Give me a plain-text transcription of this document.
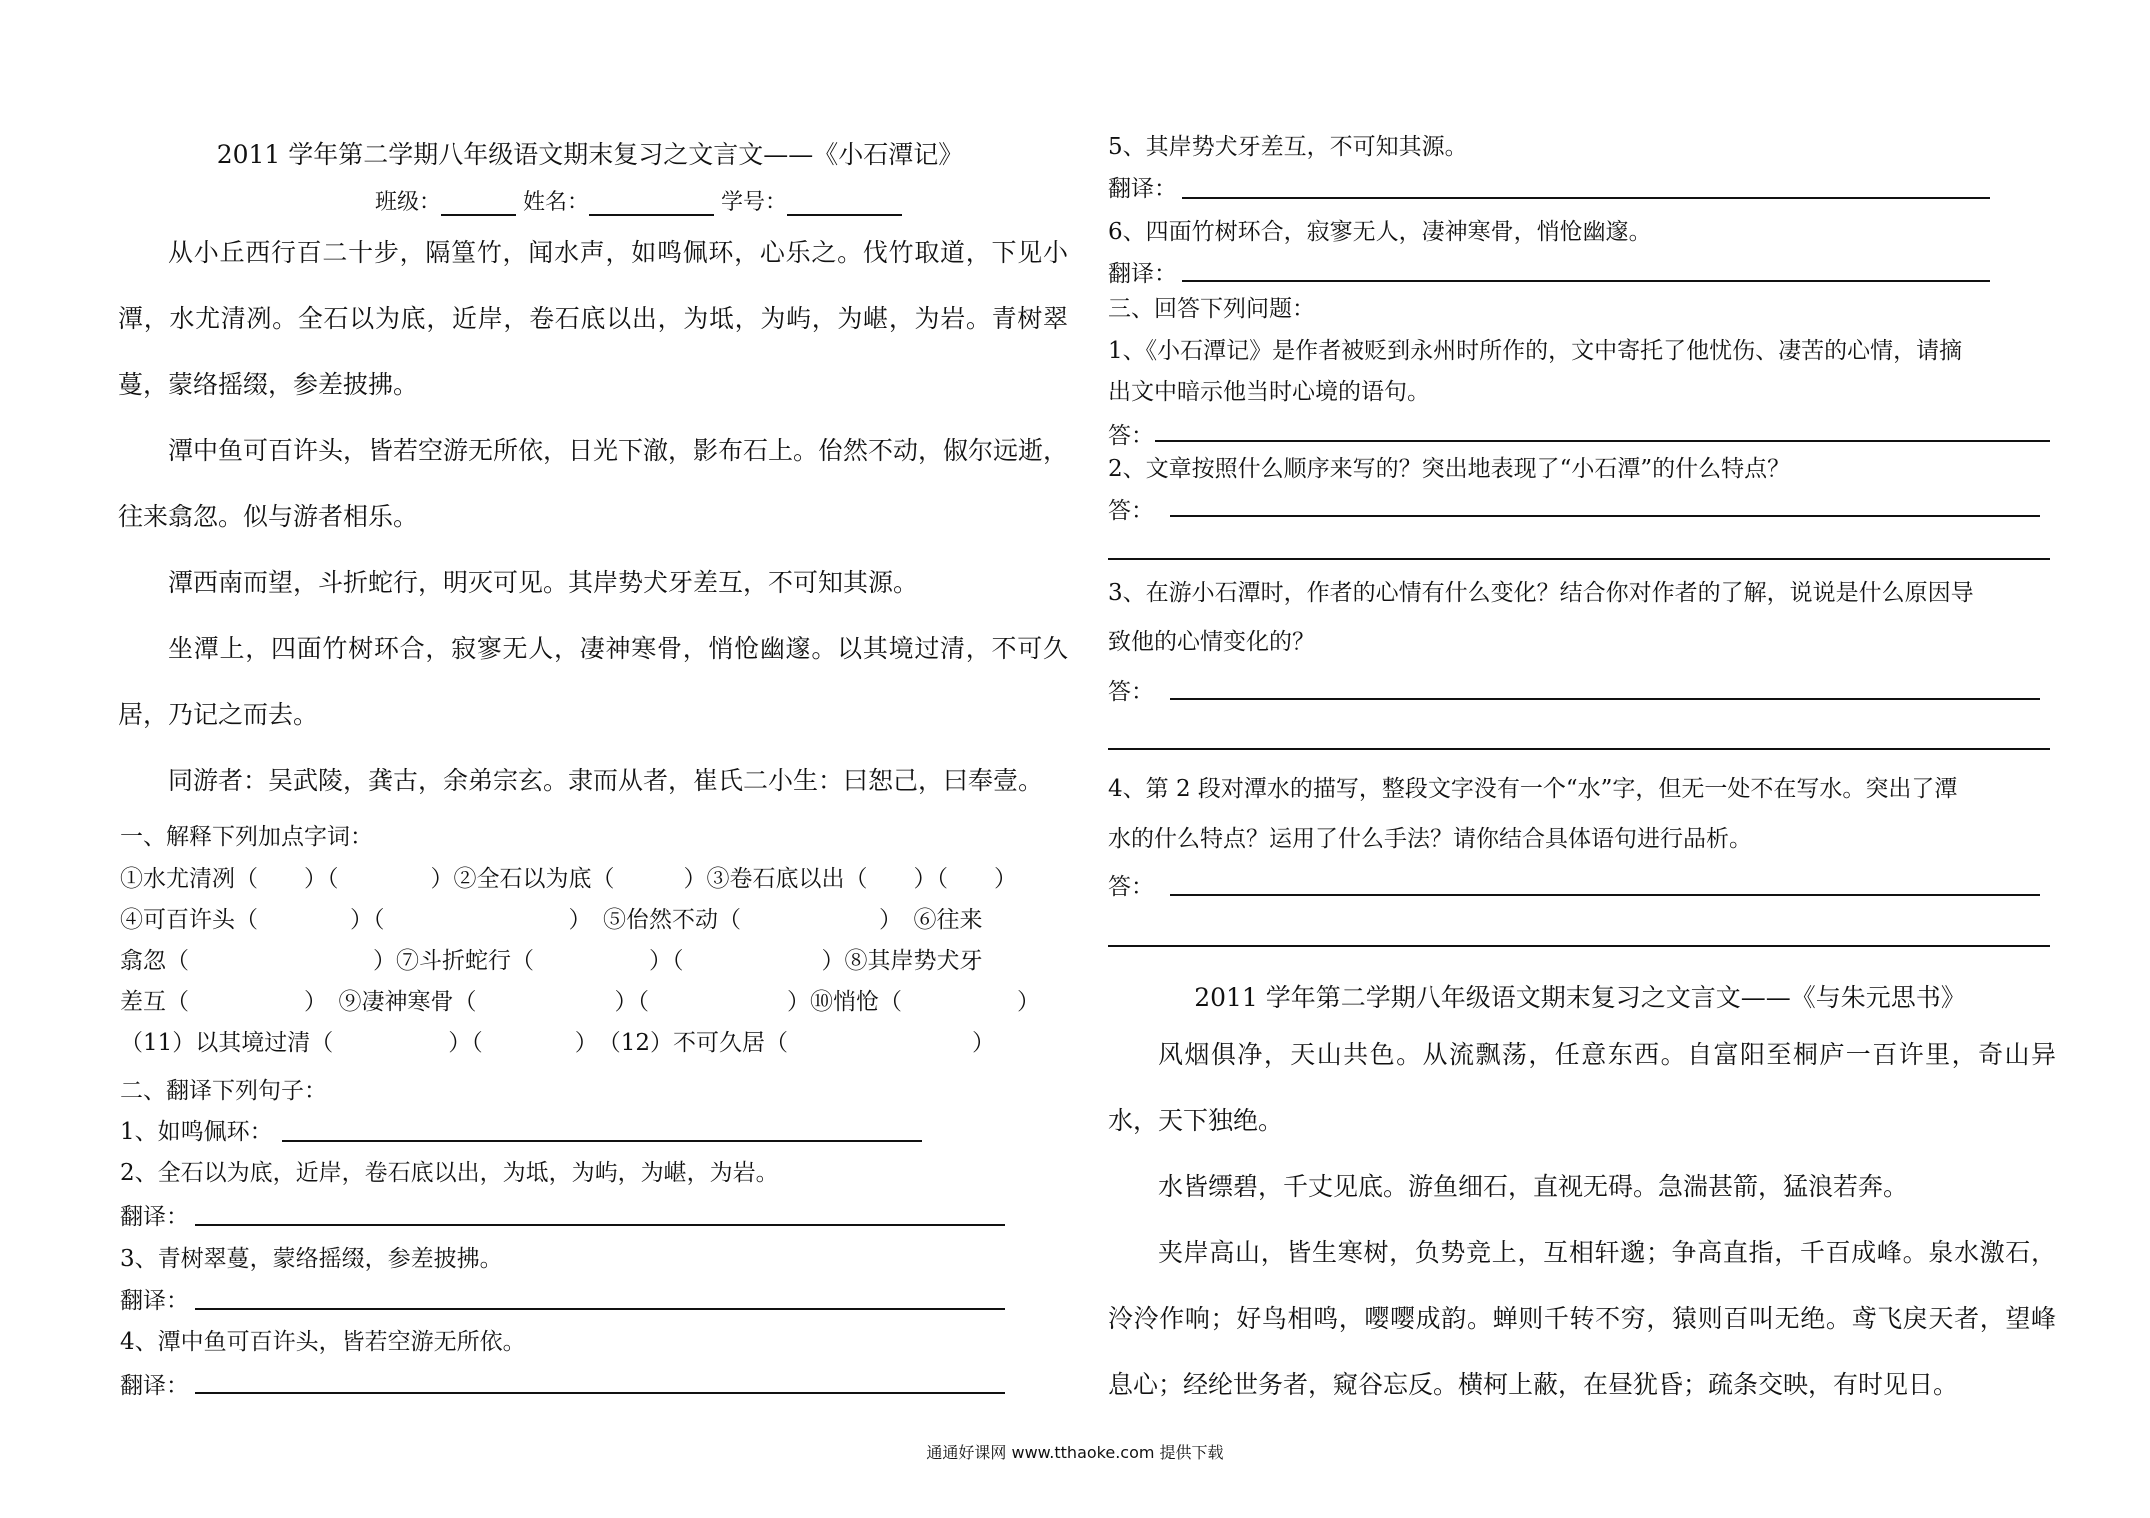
2011 学年第二学期八年级语文期末复习之文言文——《小石潭记》
班级：	姓名：	学号：

从小丘西行百二十步，隔篁竹，闻水声，如鸣佩环，心乐之。伐竹取道，下见小潭，水尤清冽。全石以为底，近岸，卷石底以出，为坻，为屿，为嵁，为岩。青树翠蔓，蒙络摇缀，参差披拂。

潭中鱼可百许头，皆若空游无所依，日光下澈，影布石上。佁然不动，俶尔远逝，往来翕忽。似与游者相乐。

潭西南而望，斗折蛇行，明灭可见。其岸势犬牙差互，不可知其源。

坐潭上，四面竹树环合，寂寥无人，凄神寒骨，悄怆幽邃。以其境过清，不可久居，乃记之而去。

同游者：吴武陵，龚古，余弟宗玄。隶而从者，崔氏二小生：曰恕己，曰奉壹。

一、解释下列加点字词：
①水尤清冽（　　）（　　　　）②全石以为底（　　　）③卷石底以出（　　）（　　）
④可百许头（　　　　）（　　　　　　　　）　⑤佁然不动（　　　　　　）　⑥往来
翕忽（　　　　　　　　）⑦斗折蛇行（　　　　　）（　　　　　　）⑧其岸势犬牙
差互（　　　　　）　⑨凄神寒骨（　　　　　　）（　　　　　　）⑩悄怆（　　　　　）
（11）以其境过清（　　　　　）（　　　　）　（12）不可久居（　　　　　　　　）
二、翻译下列句子：
1、如鸣佩环：
2、全石以为底，近岸，卷石底以出，为坻，为屿，为嵁，为岩。
翻译：
3、青树翠蔓，蒙络摇缀，参差披拂。
翻译：
4、潭中鱼可百许头，皆若空游无所依。
翻译：
5、其岸势犬牙差互，不可知其源。
翻译：
6、四面竹树环合，寂寥无人，凄神寒骨，悄怆幽邃。
翻译：
三、回答下列问题：
1、《小石潭记》是作者被贬到永州时所作的，文中寄托了他忧伤、凄苦的心情，请摘
出文中暗示他当时心境的语句。
答：
2、文章按照什么顺序来写的？突出地表现了“小石潭”的什么特点？
答：
3、在游小石潭时，作者的心情有什么变化？结合你对作者的了解，说说是什么原因导
致他的心情变化的？
答：
4、第 2 段对潭水的描写，整段文字没有一个“水”字，但无一处不在写水。突出了潭
水的什么特点？运用了什么手法？请你结合具体语句进行品析。
答：
2011 学年第二学期八年级语文期末复习之文言文——《与朱元思书》

风烟俱净，天山共色。从流飘荡，任意东西。自富阳至桐庐一百许里，奇山异水，天下独绝。

水皆缥碧，千丈见底。游鱼细石，直视无碍。急湍甚箭，猛浪若奔。

夹岸高山，皆生寒树，负势竞上，互相轩邈；争高直指，千百成峰。泉水激石，泠泠作响；好鸟相鸣，嘤嘤成韵。蝉则千转不穷，猿则百叫无绝。鸢飞戾天者，望峰息心；经纶世务者，窥谷忘反。横柯上蔽，在昼犹昏；疏条交映，有时见日。

通通好课网 www.tthaoke.com 提供下载
